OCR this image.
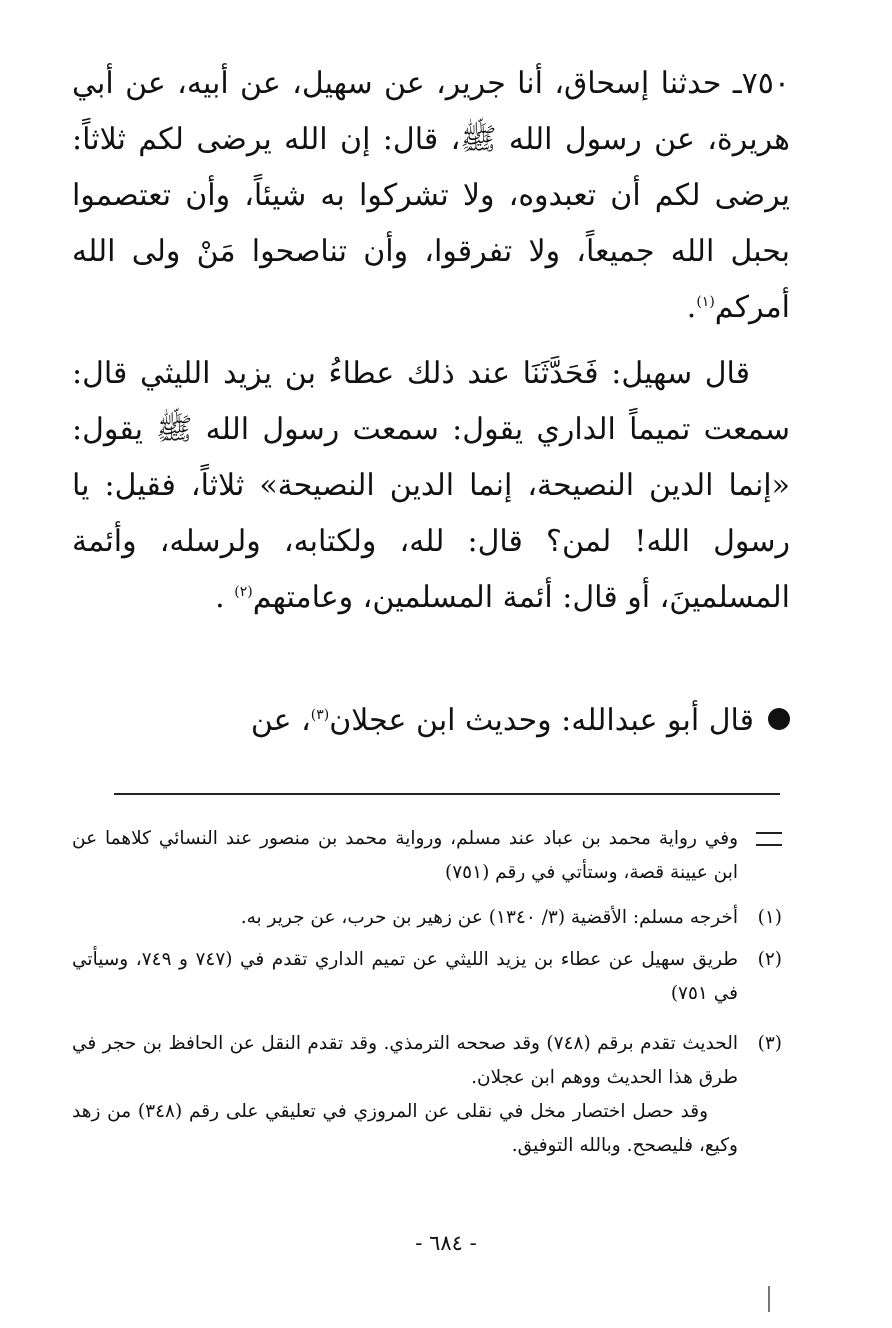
٧٥٠ـ حدثنا إسحاق، أنا جرير، عن سهيل، عن أبيه، عن أبي هريرة، عن رسول الله ﷺ، قال: إن الله يرضى لكم ثلاثاً: يرضى لكم أن تعبدوه، ولا تشركوا به شيئاً، وأن تعتصموا بحبل الله جميعاً، ولا تفرقوا، وأن تناصحوا مَنْ ولى الله أمركم$^{(١)}$.

قال سهيل: فَحَدَّثَنَا عند ذلك عطاءُ بن يزيد الليثي قال: سمعت تميماً الداري يقول: سمعت رسول الله ﷺ يقول: «إنما الدين النصيحة، إنما الدين النصيحة» ثلاثاً، فقيل: يا رسول الله! لمن؟ قال: لله، ولكتابه، ولرسله، وأئمة المسلمينَ، أو قال: أئمة المسلمين، وعامتهم$^{(٢)}$ .

قال أبو عبدالله: وحديث ابن عجلان$^{(٣)}$، عن

وفي رواية محمد بن عباد عند مسلم، ورواية محمد بن منصور عند النسائي كلاهما عن ابن عيينة قصة، وستأتي في رقم (٧٥١)
(١)
أخرجه مسلم: الأقضية (٣/ ١٣٤٠) عن زهير بن حرب، عن جرير به.
(٢)
طريق سهيل عن عطاء بن يزيد الليثي عن تميم الداري تقدم في (٧٤٧ و ٧٤٩، وسيأتي في ٧٥١)
(٣)
الحديث تقدم برقم (٧٤٨) وقد صححه الترمذي. وقد تقدم النقل عن الحافظ بن حجر في طرق هذا الحديث ووهم ابن عجلان.
وقد حصل اختصار مخل في نقلى عن المروزي في تعليقي على رقم (٣٤٨) من زهد وكيع، فليصحح. وبالله التوفيق.
- ٦٨٤ -
